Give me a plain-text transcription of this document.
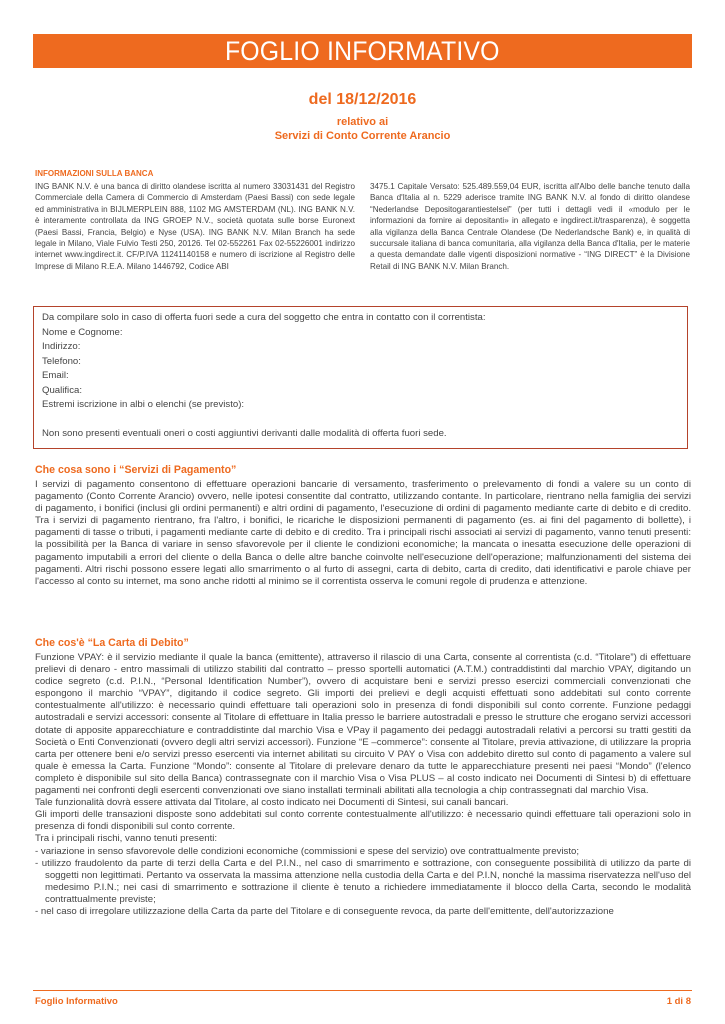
FOGLIO INFORMATIVO
del 18/12/2016
relativo ai
Servizi di Conto Corrente Arancio
INFORMAZIONI SULLA BANCA
ING BANK N.V. è una banca di diritto olandese iscritta al numero 33031431 del Registro Commerciale della Camera di Commercio di Amsterdam (Paesi Bassi) con sede legale ed amministrativa in BIJLMERPLEIN 888, 1102 MG AMSTERDAM (NL). ING BANK N.V. è interamente controllata da ING GROEP N.V., società quotata sulle borse Euronext (Paesi Bassi, Francia, Belgio) e Nyse (USA). ING BANK N.V. Milan Branch ha sede legale in Milano, Viale Fulvio Testi 250, 20126. Tel 02-552261 Fax 02-55226001 indirizzo internet www.ingdirect.it. CF/P.IVA 11241140158 e numero di iscrizione al Registro delle Imprese di Milano R.E.A. Milano 1446792, Codice ABI
3475.1 Capitale Versato: 525.489.559,04 EUR, iscritta all'Albo delle banche tenuto dalla Banca d'Italia al n. 5229 aderisce tramite ING BANK N.V. al fondo di diritto olandese “Nederlandse Depositogarantiestelsel” (per tutti i dettagli vedi il «modulo per le informazioni da fornire ai depositanti» in allegato e ingdirect.it/trasparenza), è soggetta alla vigilanza della Banca Centrale Olandese (De Nederlandsche Bank) e, in qualità di succursale italiana di banca comunitaria, alla vigilanza della Banca d'Italia, per le materie a questa demandate dalle vigenti disposizioni normative - “ING DIRECT” è la Divisione Retail di ING BANK N.V. Milan Branch.
Da compilare solo in caso di offerta fuori sede a cura del soggetto che entra in contatto con il correntista:
Nome e Cognome:
Indirizzo:
Telefono:
Email:
Qualifica:
Estremi iscrizione in albi o elenchi (se previsto):
Non sono presenti eventuali oneri o costi aggiuntivi derivanti dalle modalità di offerta fuori sede.
Che cosa sono i “Servizi di Pagamento”

I servizi di pagamento consentono di effettuare operazioni bancarie di versamento, trasferimento o prelevamento di fondi a valere su un conto di pagamento (Conto Corrente Arancio) ovvero, nelle ipotesi consentite dal contratto, utilizzando contante. In particolare, rientrano nella famiglia dei servizi di pagamento, i bonifici (inclusi gli ordini permanenti) e altri ordini di pagamento, l'esecuzione di ordini di pagamento mediante carte di debito e di credito. Tra i servizi di pagamento rientrano, fra l'altro, i bonifici, le ricariche le disposizioni permanenti di pagamento (es. ai fini del pagamento di bollette), i pagamenti di tasse o tributi, i pagamenti mediante carte di debito e di credito. Tra i principali rischi associati ai servizi di pagamento, vanno tenuti presenti: la possibilità per la Banca di variare in senso sfavorevole per il cliente le condizioni economiche; la mancata o inesatta esecuzione delle operazioni di pagamento imputabili a errori del cliente o della Banca o delle altre banche coinvolte nell'esecuzione dell'operazione; malfunzionamenti del sistema dei pagamenti. Altri rischi possono essere legati allo smarrimento o al furto di assegni, carta di debito, carta di credito, dati identificativi e parole chiave per l'accesso al conto su internet, ma sono anche ridotti al minimo se il correntista osserva le comuni regole di prudenza e attenzione.

Che cos'è “La Carta di Debito”

Funzione VPAY: è il servizio mediante il quale la banca (emittente), attraverso il rilascio di una Carta, consente al correntista (c.d. “Titolare”) di effettuare prelievi di denaro - entro massimali di utilizzo stabiliti dal contratto – presso sportelli automatici (A.T.M.) contraddistinti dal marchio VPAY, digitando un codice segreto (c.d. P.I.N., “Personal Identification Number”), ovvero di acquistare beni e servizi presso esercizi commerciali convenzionati che espongono il marchio “VPAY”, digitando il codice segreto. Gli importi dei prelievi e degli acquisti effettuati sono addebitati sul conto corrente contestualmente all'utilizzo: è necessario quindi effettuare tali operazioni solo in presenza di fondi disponibili sul conto corrente. Funzione pedaggi autostradali e servizi accessori: consente al Titolare di effettuare in Italia presso le barriere autostradali e presso le strutture che erogano servizi accessori dotate di apposite apparecchiature e contraddistinte dal marchio Visa e VPay il pagamento dei pedaggi autostradali relativi a percorsi su tratti gestiti da Società o Enti Convenzionati (ovvero degli altri servizi accessori). Funzione “E –commerce”: consente al Titolare, previa attivazione, di utilizzare la propria carta per ottenere beni e/o servizi presso esercenti via internet abilitati su circuito V PAY o Visa con addebito diretto sul conto di pagamento a valere sul quale è emessa la Carta. Funzione “Mondo”: consente al Titolare di prelevare denaro da tutte le apparecchiature presenti nei paesi “Mondo” (l'elenco completo è disponibile sul sito della Banca) contrassegnate con il marchio Visa o Visa PLUS – al costo indicato nei Documenti di Sintesi b) di effettuare pagamenti nei confronti degli esercenti convenzionati ove siano installati terminali abilitati alla tecnologia a chip contrassegnati dal marchio Visa.

Tale funzionalità dovrà essere attivata dal Titolare, al costo indicato nei Documenti di Sintesi, sui canali bancari.

Gli importi delle transazioni disposte sono addebitati sul conto corrente contestualmente all'utilizzo: è necessario quindi effettuare tali operazioni solo in presenza di fondi disponibili sul conto corrente.

Tra i principali rischi, vanno tenuti presenti:

- variazione in senso sfavorevole delle condizioni economiche (commissioni e spese del servizio) ove contrattualmente previsto;
- utilizzo fraudolento da parte di terzi della Carta e del P.I.N., nel caso di smarrimento e sottrazione, con conseguente possibilità di utilizzo da parte di soggetti non legittimati. Pertanto va osservata la massima attenzione nella custodia della Carta e del P.I.N, nonché la massima riservatezza nell'uso del medesimo P.I.N.; nei casi di smarrimento e sottrazione il cliente è tenuto a richiedere immediatamente il blocco della Carta, secondo le modalità contrattualmente previste;
- nel caso di irregolare utilizzazione della Carta da parte del Titolare e di conseguente revoca, da parte dell'emittente, dell'autorizzazione
Foglio Informativo	1 di 8
